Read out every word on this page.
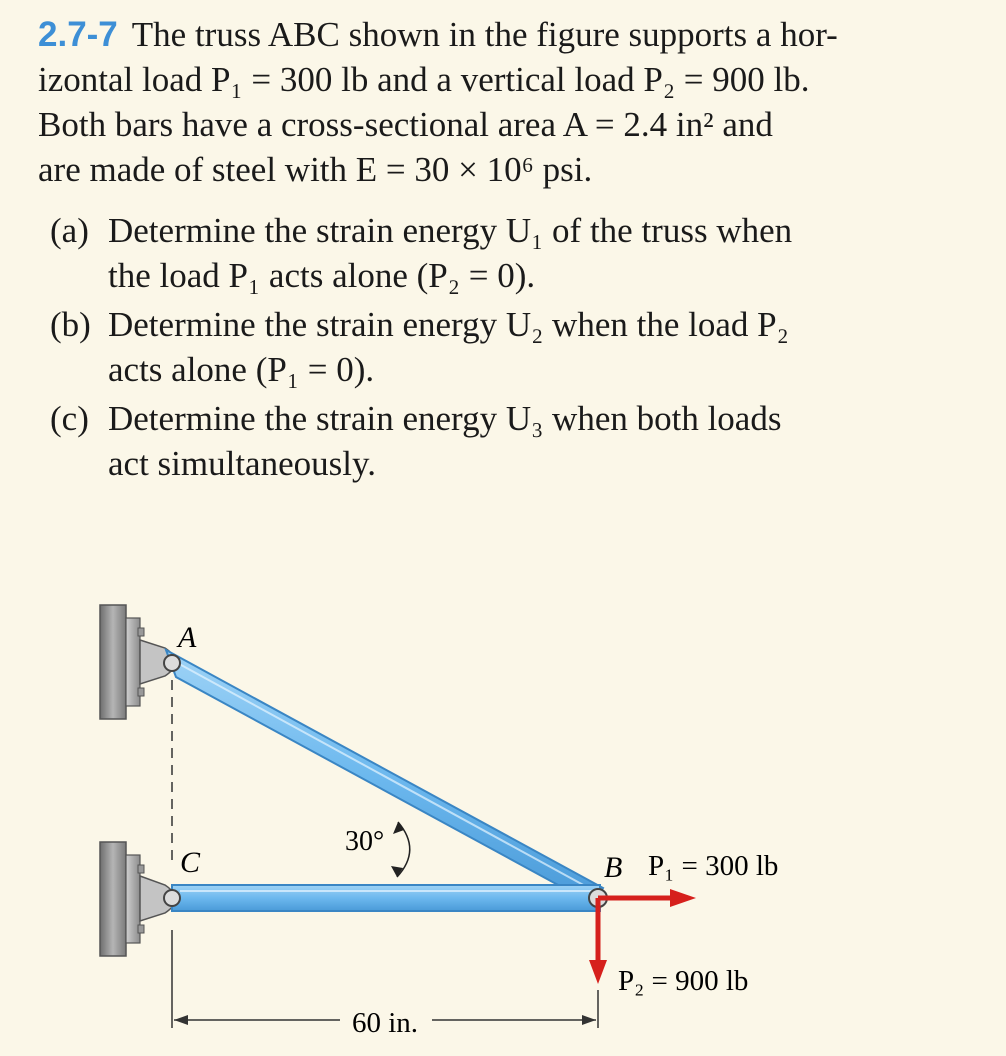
2.7-7 The truss ABC shown in the figure supports a hor-
izontal load P₁ = 300 lb and a vertical load P₂ = 900 lb.
Both bars have a cross-sectional area A = 2.4 in² and
are made of steel with E = 30 × 10⁶ psi.
(a) Determine the strain energy U₁ of the truss when
the load P₁ acts alone (P₂ = 0).
(b) Determine the strain energy U₂ when the load P₂
acts alone (P₁ = 0).
(c) Determine the strain energy U₃ when both loads
act simultaneously.
A
C	B
30°
P₁ = 300 lb
P₂ = 900 lb
60 in.
